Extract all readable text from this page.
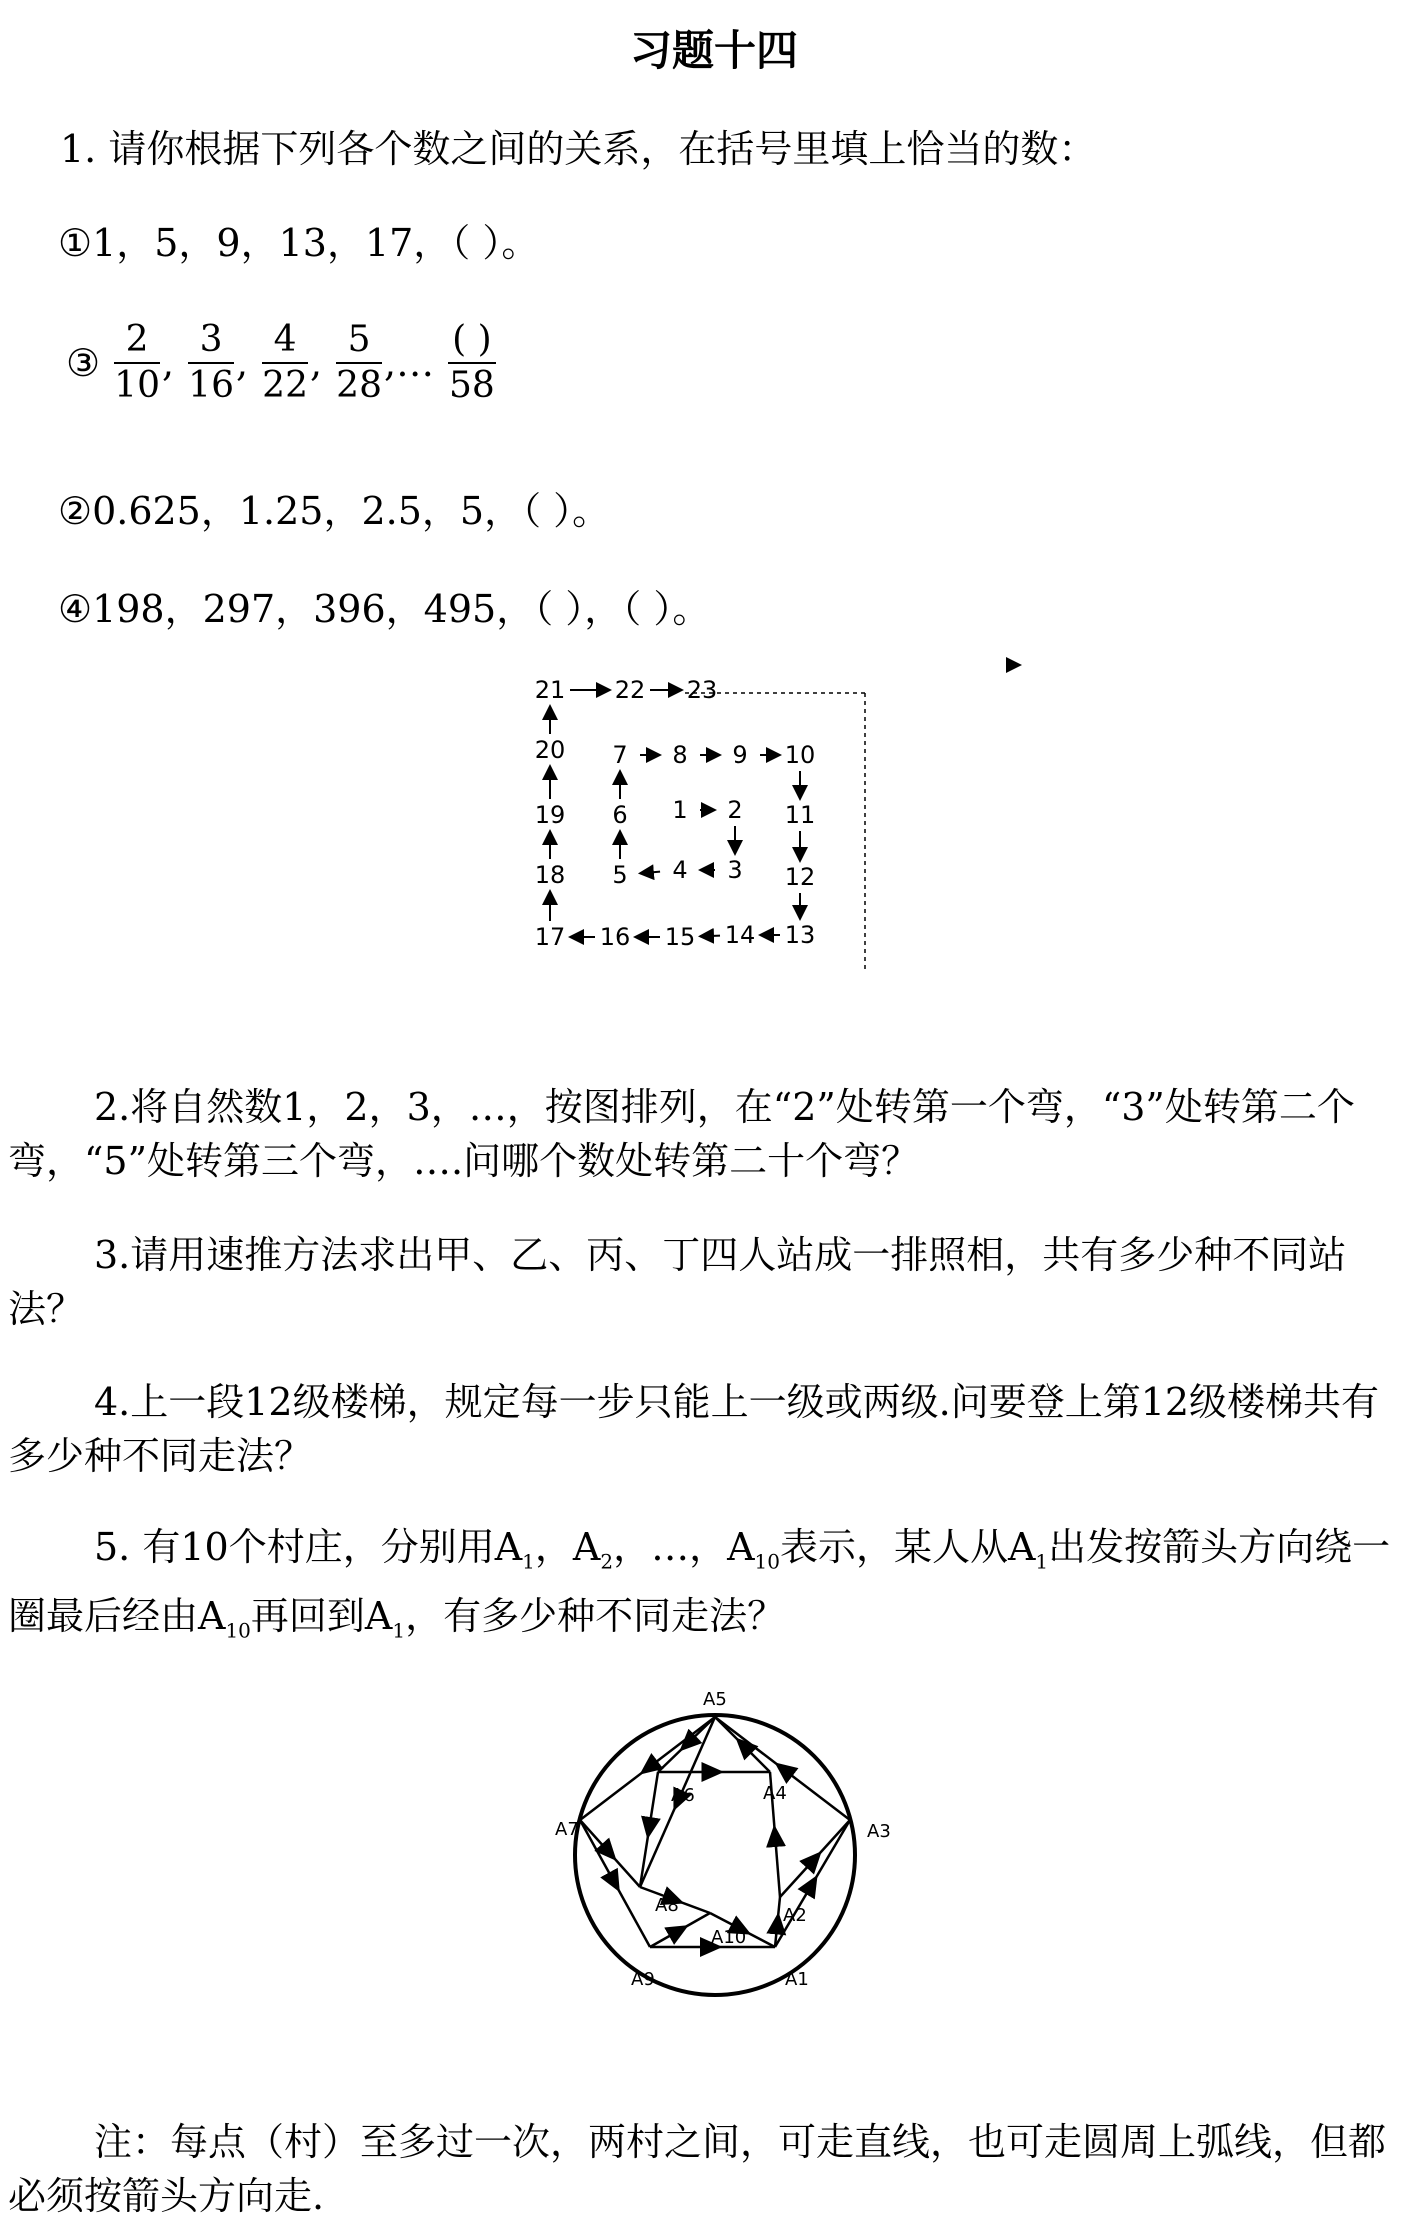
习题十四
1. 请你根据下列各个数之间的关系，在括号里填上恰当的数：
①1，5，9，13，17，（ ）。
③ $\frac{2}{10}$ , $\frac{3}{16}$ , $\frac{4}{22}$ , $\frac{5}{28}$ ,… $\frac{( )}{58}$
②0.625，1.25，2.5，5，（ ）。
④198，297，396，495，（ ），（ ）。
1 2
3
4
5
6
7 8 9 10
11
12
13
14
15
16
17
18
19
20
21 22 23
2.将自然数1，2，3，…，按图排列，在“2”处转第一个弯，“3”处转第二个弯，“5”处转第三个弯，….问哪个数处转第二十个弯？
3.请用速推方法求出甲、乙、丙、丁四人站成一排照相，共有多少种不同站法？
4.上一段12级楼梯，规定每一步只能上一级或两级.问要登上第12级楼梯共有多少种不同走法？
5. 有10个村庄，分别用$A_1$，$A_2$，…，$A_{10}$表示，某人从$A_1$出发按箭头方向绕一圈最后经由$A_{10}$再回到$A_1$，有多少种不同走法？
A1
A2
A3
A4
A5
A6
A7
A8
A9
A10
注：每点（村）至多过一次，两村之间，可走直线，也可走圆周上弧线，但都必须按箭头方向走.
